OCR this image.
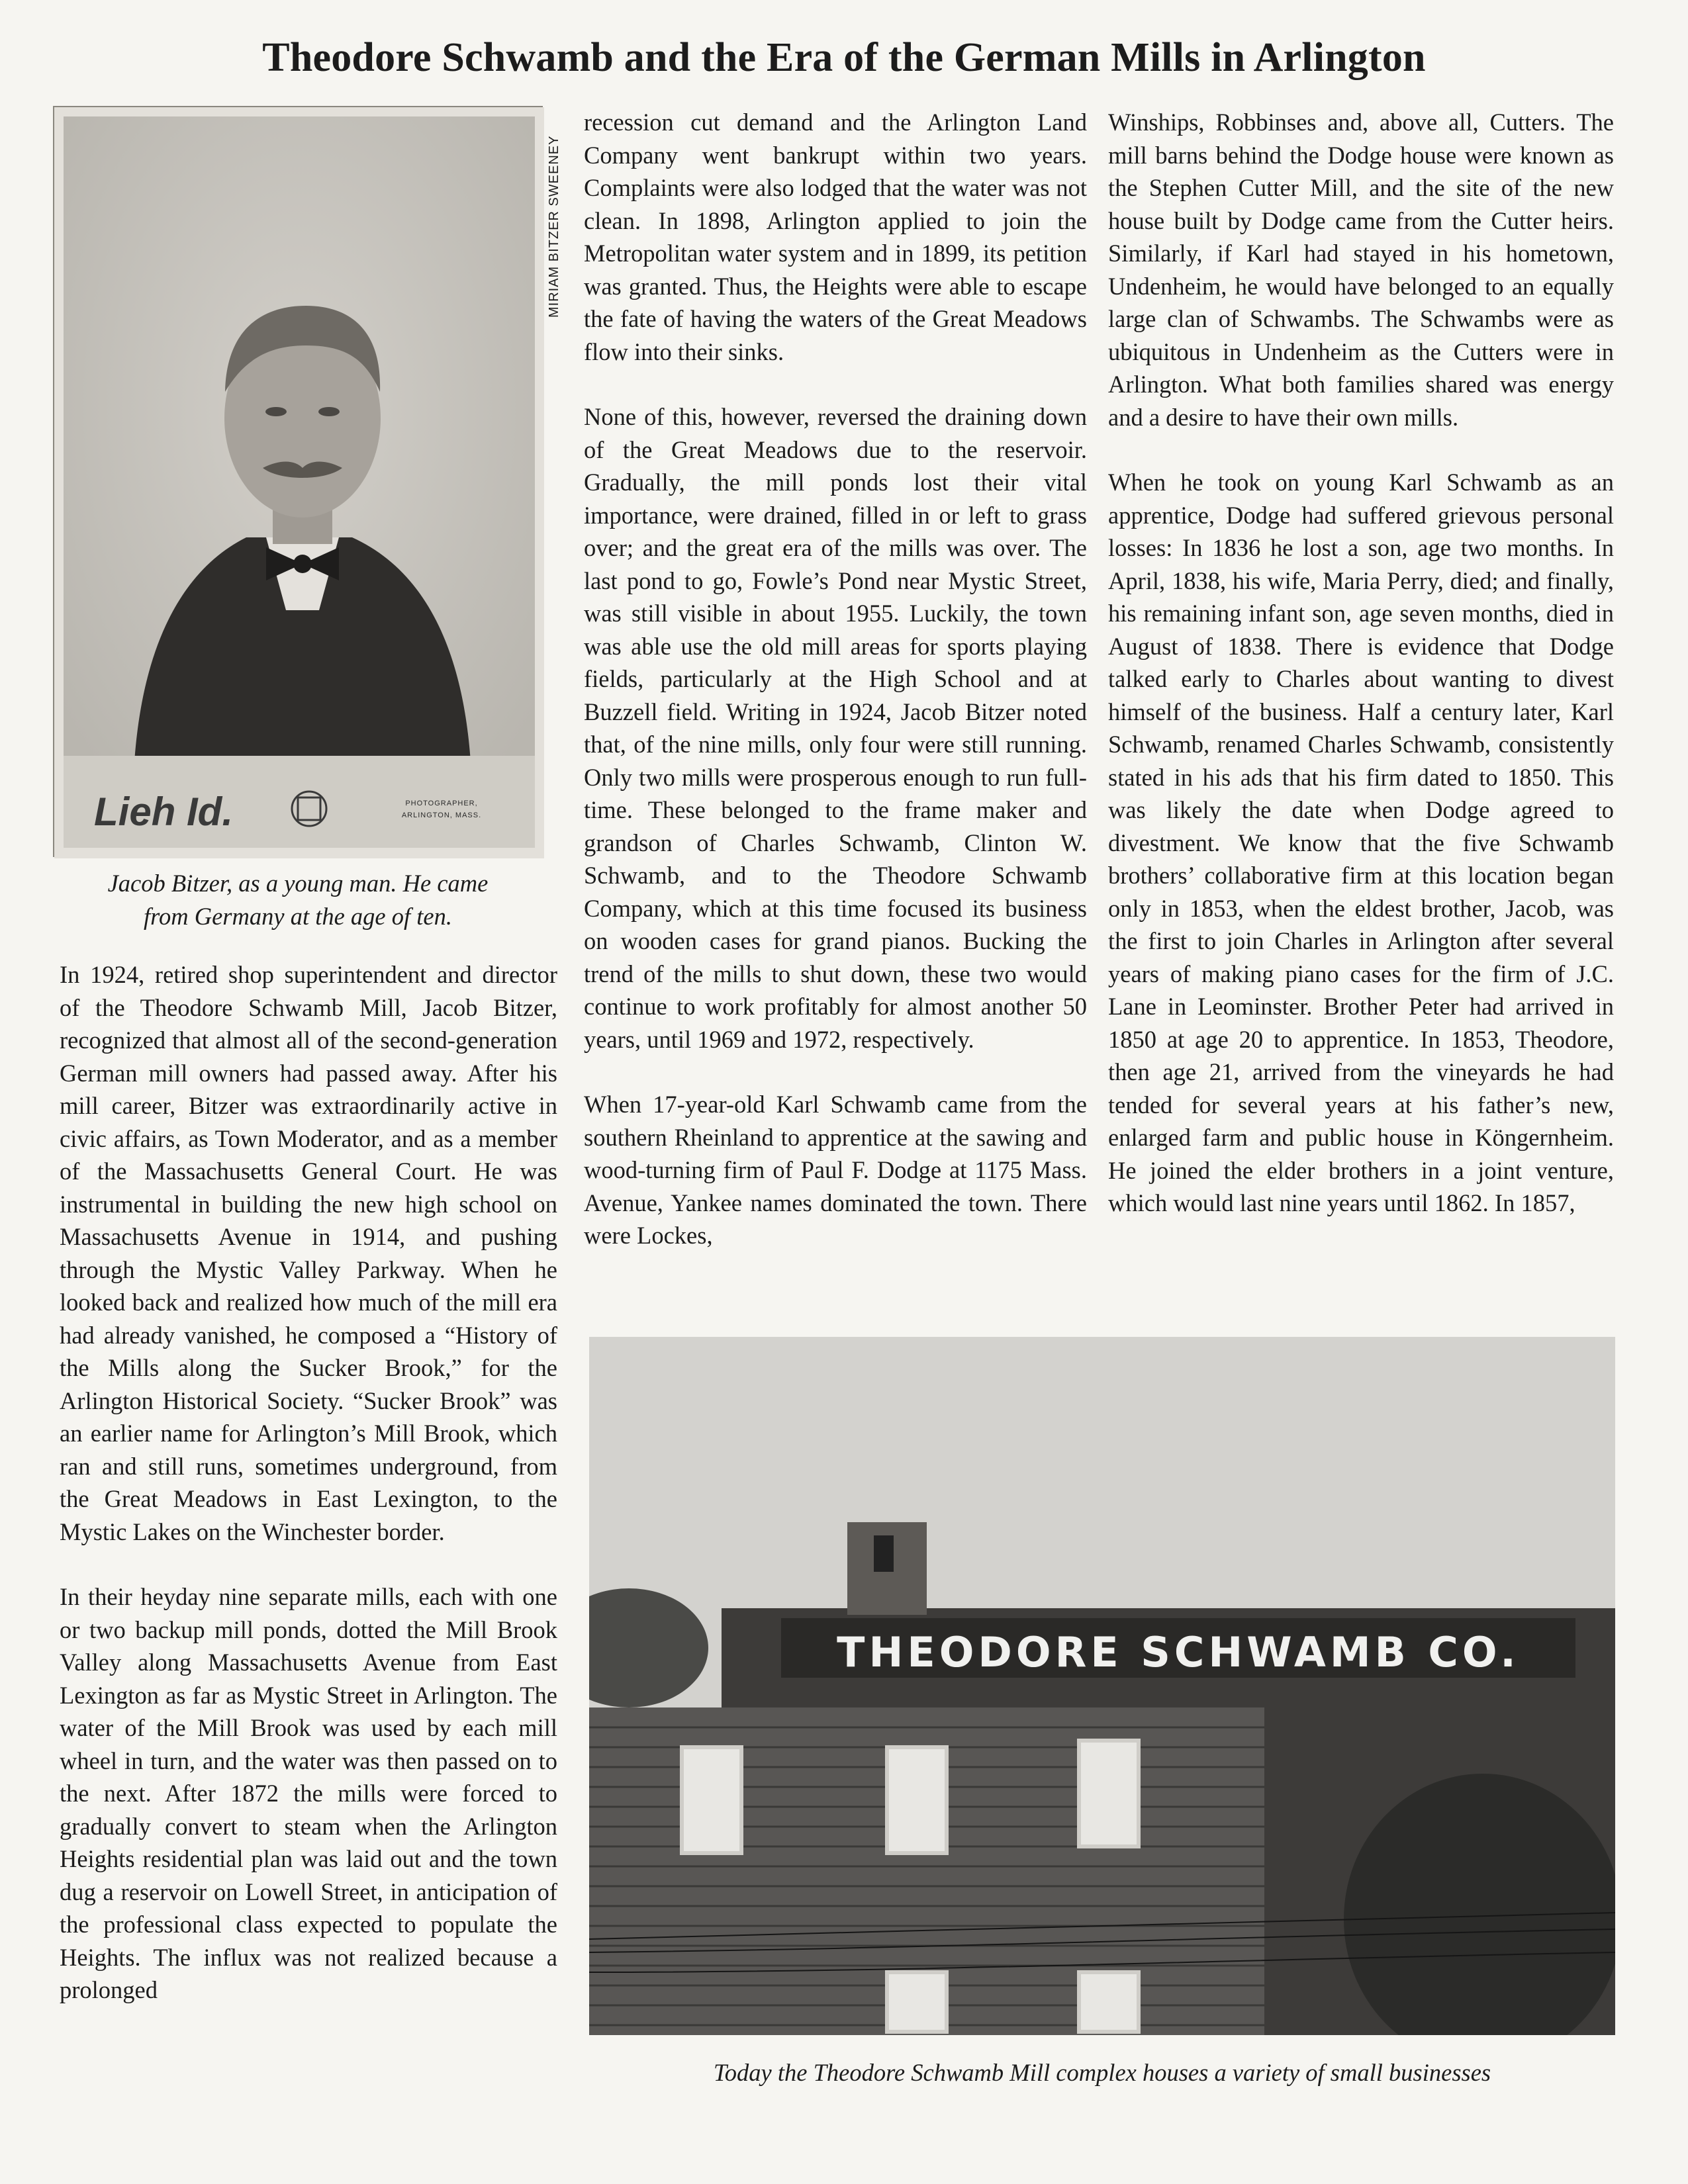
Theodore Schwamb and the Era of the German Mills in Arlington
Lieh Id.	PHOTOGRAPHER,
ARLINGTON, MASS.
MIRIAM BITZER SWEENEY
Jacob Bitzer, as a young man. He came
from Germany at the age of ten.

In 1924, retired shop superintendent and director of the Theodore Schwamb Mill, Jacob Bitzer, recognized that almost all of the second-generation German mill owners had passed away. After his mill career, Bitzer was extraordinarily active in civic affairs, as Town Moderator, and as a member of the Massachusetts General Court. He was instrumental in building the new high school on Massachusetts Avenue in 1914, and pushing through the Mystic Valley Parkway. When he looked back and realized how much of the mill era had already vanished, he composed a “History of the Mills along the Sucker Brook,” for the Arlington Historical Society. “Sucker Brook” was an earlier name for Arlington’s Mill Brook, which ran and still runs, sometimes underground, from the Great Meadows in East Lexington, to the Mystic Lakes on the Winchester border.

In their heyday nine separate mills, each with one or two backup mill ponds, dotted the Mill Brook Valley along Massachusetts Avenue from East Lexington as far as Mystic Street in Arlington. The water of the Mill Brook was used by each mill wheel in turn, and the water was then passed on to the next. After 1872 the mills were forced to gradually convert to steam when the Arlington Heights residential plan was laid out and the town dug a reservoir on Lowell Street, in anticipation of the professional class expected to populate the Heights. The influx was not realized because a prolonged

recession cut demand and the Arlington Land Company went bankrupt within two years. Complaints were also lodged that the water was not clean. In 1898, Arlington applied to join the Metropolitan water system and in 1899, its petition was granted. Thus, the Heights were able to escape the fate of having the waters of the Great Meadows flow into their sinks.

None of this, however, reversed the draining down of the Great Meadows due to the reservoir. Gradually, the mill ponds lost their vital importance, were drained, filled in or left to grass over; and the great era of the mills was over. The last pond to go, Fowle’s Pond near Mystic Street, was still visible in about 1955. Luckily, the town was able use the old mill areas for sports playing fields, particularly at the High School and at Buzzell field. Writing in 1924, Jacob Bitzer noted that, of the nine mills, only four were still running. Only two mills were prosperous enough to run full-time. These belonged to the frame maker and grandson of Charles Schwamb, Clinton W. Schwamb, and to the Theodore Schwamb Company, which at this time focused its business on wooden cases for grand pianos. Bucking the trend of the mills to shut down, these two would continue to work profitably for almost another 50 years, until 1969 and 1972, respectively.

When 17-year-old Karl Schwamb came from the southern Rheinland to apprentice at the sawing and wood-turning firm of Paul F. Dodge at 1175 Mass. Avenue, Yankee names dominated the town. There were Lockes,

Winships, Robbinses and, above all, Cutters. The mill barns behind the Dodge house were known as the Stephen Cutter Mill, and the site of the new house built by Dodge came from the Cutter heirs. Similarly, if Karl had stayed in his hometown, Undenheim, he would have belonged to an equally large clan of Schwambs. The Schwambs were as ubiquitous in Undenheim as the Cutters were in Arlington. What both families shared was energy and a desire to have their own mills.

When he took on young Karl Schwamb as an apprentice, Dodge had suffered grievous personal losses: In 1836 he lost a son, age two months. In April, 1838, his wife, Maria Perry, died; and finally, his remaining infant son, age seven months, died in August of 1838. There is evidence that Dodge talked early to Charles about wanting to divest himself of the business. Half a century later, Karl Schwamb, renamed Charles Schwamb, consistently stated in his ads that his firm dated to 1850. This was likely the date when Dodge agreed to divestment. We know that the five Schwamb brothers’ collaborative firm at this location began only in 1853, when the eldest brother, Jacob, was the first to join Charles in Arlington after several years of making piano cases for the firm of J.C. Lane in Leominster. Brother Peter had arrived in 1850 at age 20 to apprentice. In 1853, Theodore, then age 21, arrived from the vineyards he had tended for several years at his father’s new, enlarged farm and public house in Köngernheim. He joined the elder brothers in a joint venture, which would last nine years until 1862. In 1857,

THEODORE SCHWAMB CO.
Today the Theodore Schwamb Mill complex houses a variety of small businesses
